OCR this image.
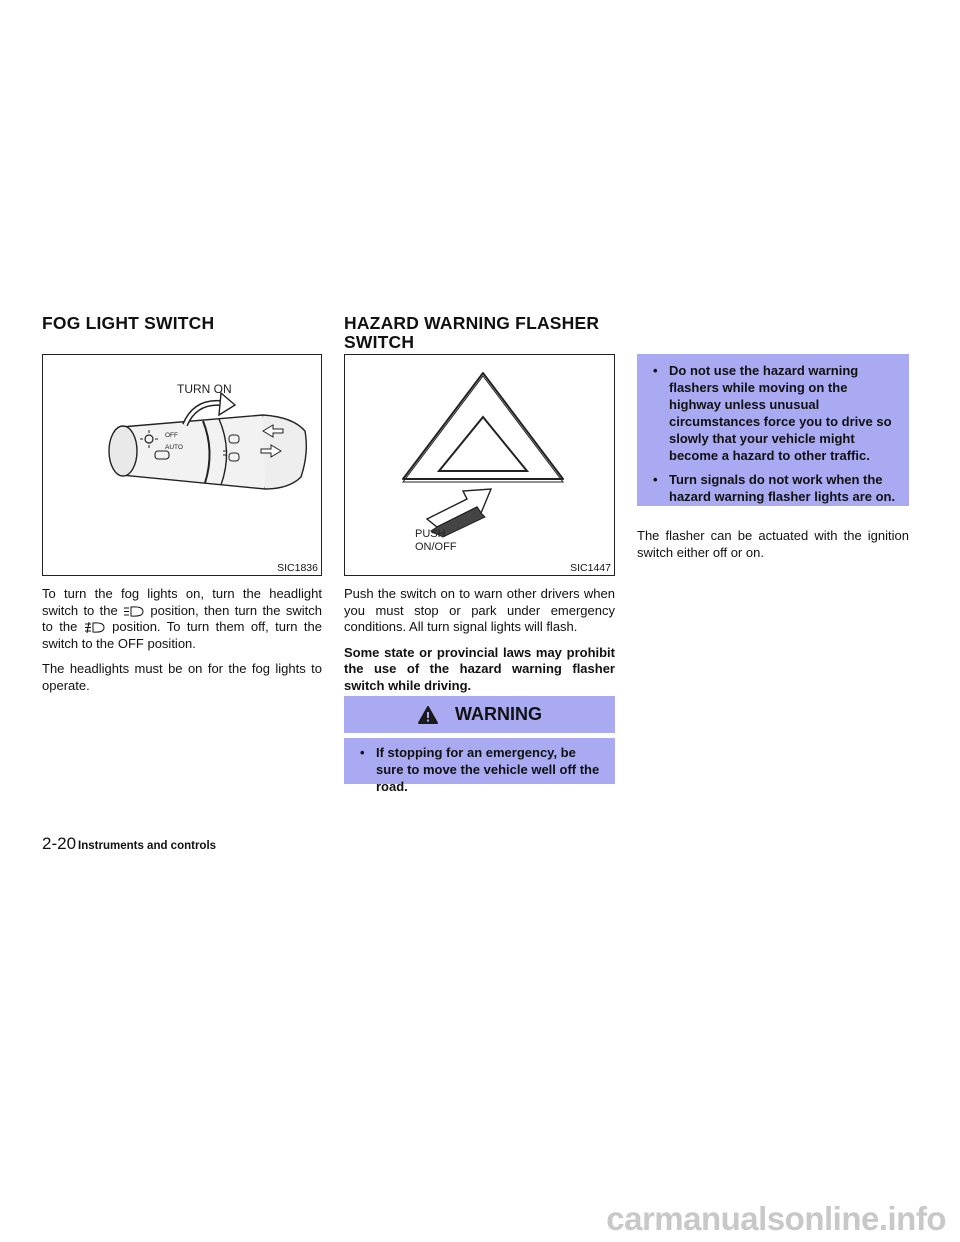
FOG LIGHT SWITCH
TURN ON
OFF
AUTO
SIC1836

To turn the fog lights on, turn the headlight switch to the	position, then turn the switch to the	position. To turn them off, turn the switch to the OFF position.

The headlights must be on for the fog lights to operate.

HAZARD WARNING FLASHER
SWITCH
PUSH
ON/OFF
SIC1447

Push the switch on to warn other drivers when you must stop or park under emergency conditions. All turn signal lights will flash.

Some state or provincial laws may prohibit the use of the hazard warning flasher switch while driving.

WARNING
• If stopping for an emergency, be sure to move the vehicle well off the road.
• Do not use the hazard warning flashers while moving on the highway unless unusual circumstances force you to drive so slowly that your vehicle might become a hazard to other traffic.
• Turn signals do not work when the hazard warning flasher lights are on.

The flasher can be actuated with the ignition switch either off or on.

2-20 Instruments and controls
carmanualsonline.info
